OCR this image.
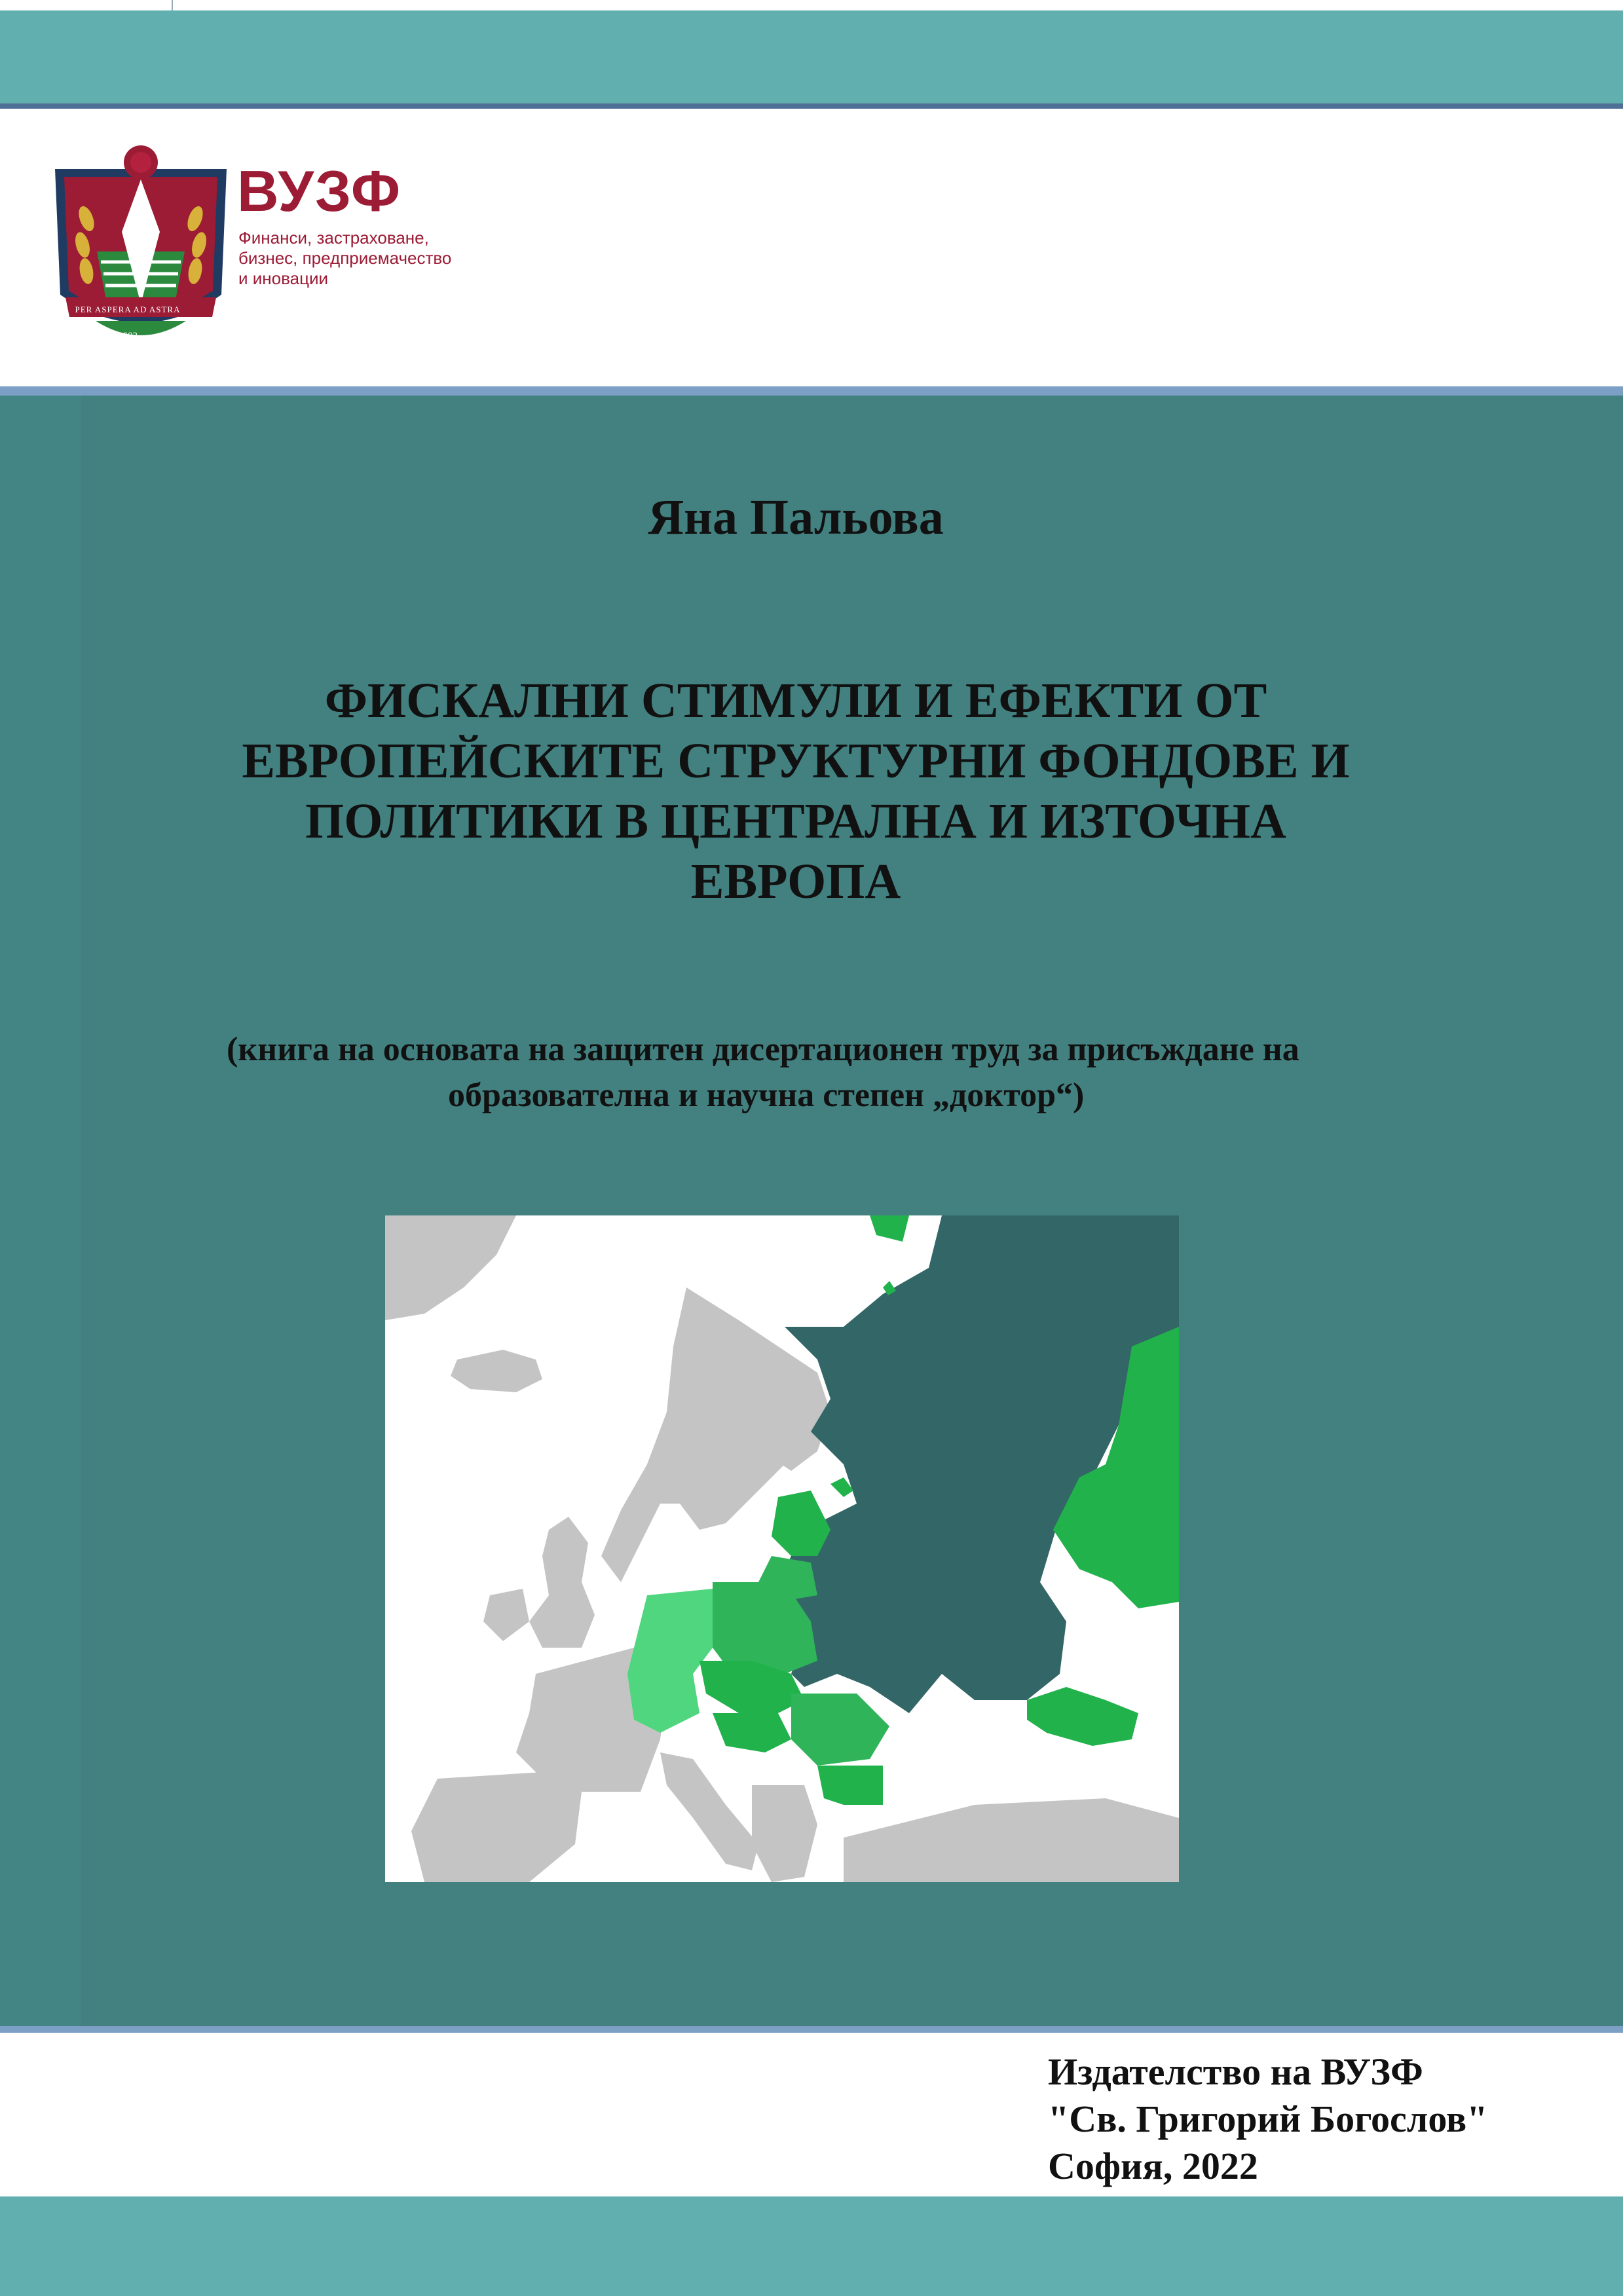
PER ASPERA AD ASTRA
2002
ВУЗФ
Финанси, застраховане,
бизнес, предприемачество
и иновации
Яна Пальова
ФИСКАЛНИ СТИМУЛИ И ЕФЕКТИ ОТ
ЕВРОПЕЙСКИТЕ СТРУКТУРНИ ФОНДОВЕ И
ПОЛИТИКИ В ЦЕНТРАЛНА И ИЗТОЧНА
ЕВРОПА
(книга на основата на защитен дисертационен труд за присъждане на
образователна и научна степен „доктор“)
Издателство на ВУЗФ
"Св. Григорий Богослов"
София, 2022
